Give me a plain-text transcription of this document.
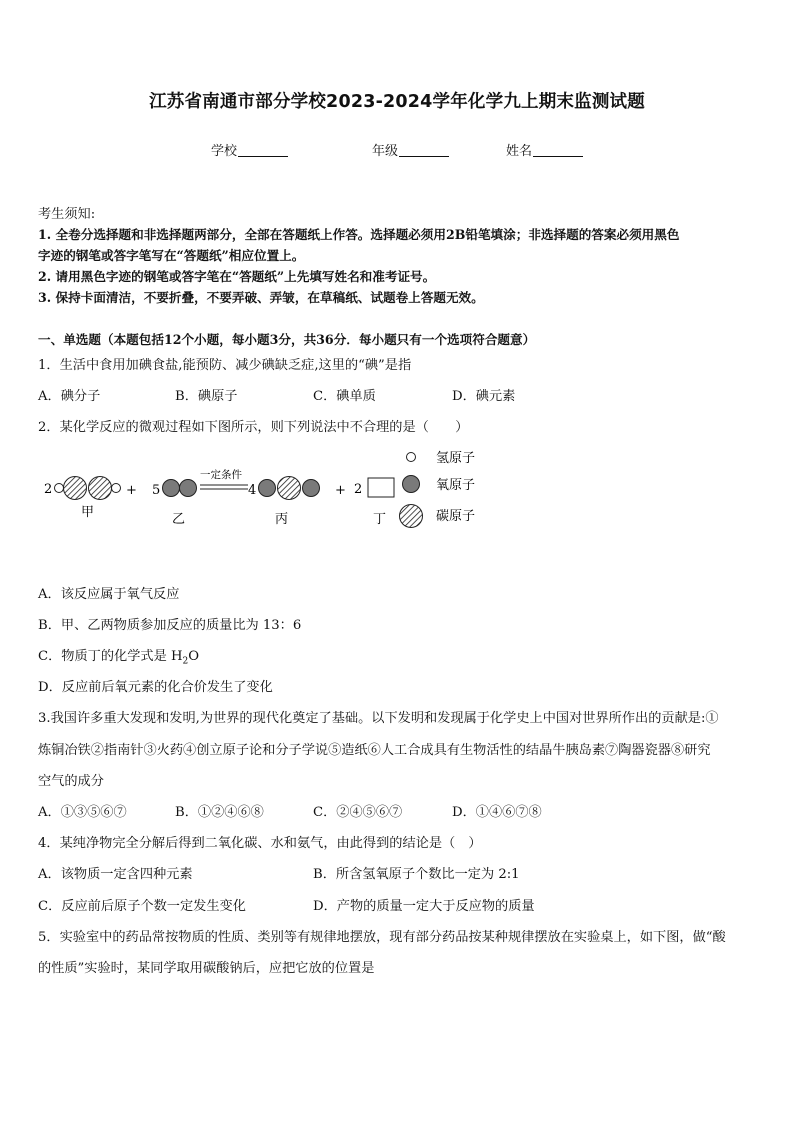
江苏省南通市部分学校2023-2024学年化学九上期末监测试题
学校	年级	姓名
考生须知:
1. 全卷分选择题和非选择题两部分，全部在答题纸上作答。选择题必须用2B铅笔填涂；非选择题的答案必须用黑色
字迹的钢笔或答字笔写在“答题纸”相应位置上。
2. 请用黑色字迹的钢笔或答字笔在“答题纸”上先填写姓名和准考证号。
3. 保持卡面清洁，不要折叠，不要弄破、弄皱，在草稿纸、试题卷上答题无效。
一、单选题（本题包括12个小题，每小题3分，共36分．每小题只有一个选项符合题意）
1．生活中食用加碘食盐,能预防、减少碘缺乏症,这里的“碘”是指
A．碘分子	B．碘原子	C．碘单质	D．碘元素
2．某化学反应的微观过程如下图所示，则下列说法中不合理的是（　　）
2	+
甲
5
乙
一定条件
4
丙
+ 2
丁
氢原子
氧原子
碳原子
A．该反应属于氧气反应
B．甲、乙两物质参加反应的质量比为 13：6
C．物质丁的化学式是 $H_2O$
D．反应前后氧元素的化合价发生了变化
3.我国许多重大发现和发明,为世界的现代化奠定了基础。以下发明和发现属于化学史上中国对世界所作出的贡献是:①
炼铜冶铁②指南针③火药④创立原子论和分子学说⑤造纸⑥人工合成具有生物活性的结晶牛胰岛素⑦陶器瓷器⑧研究
空气的成分
A．①③⑤⑥⑦	B．①②④⑥⑧	C．②④⑤⑥⑦	D．①④⑥⑦⑧
4．某纯净物完全分解后得到二氧化碳、水和氨气，由此得到的结论是（　）
A．该物质一定含四种元素	B．所含氢氧原子个数比一定为 2:1
C．反应前后原子个数一定发生变化	D．产物的质量一定大于反应物的质量
5．实验室中的药品常按物质的性质、类别等有规律地摆放，现有部分药品按某种规律摆放在实验桌上，如下图，做“酸
的性质”实验时，某同学取用碳酸钠后，应把它放的位置是
